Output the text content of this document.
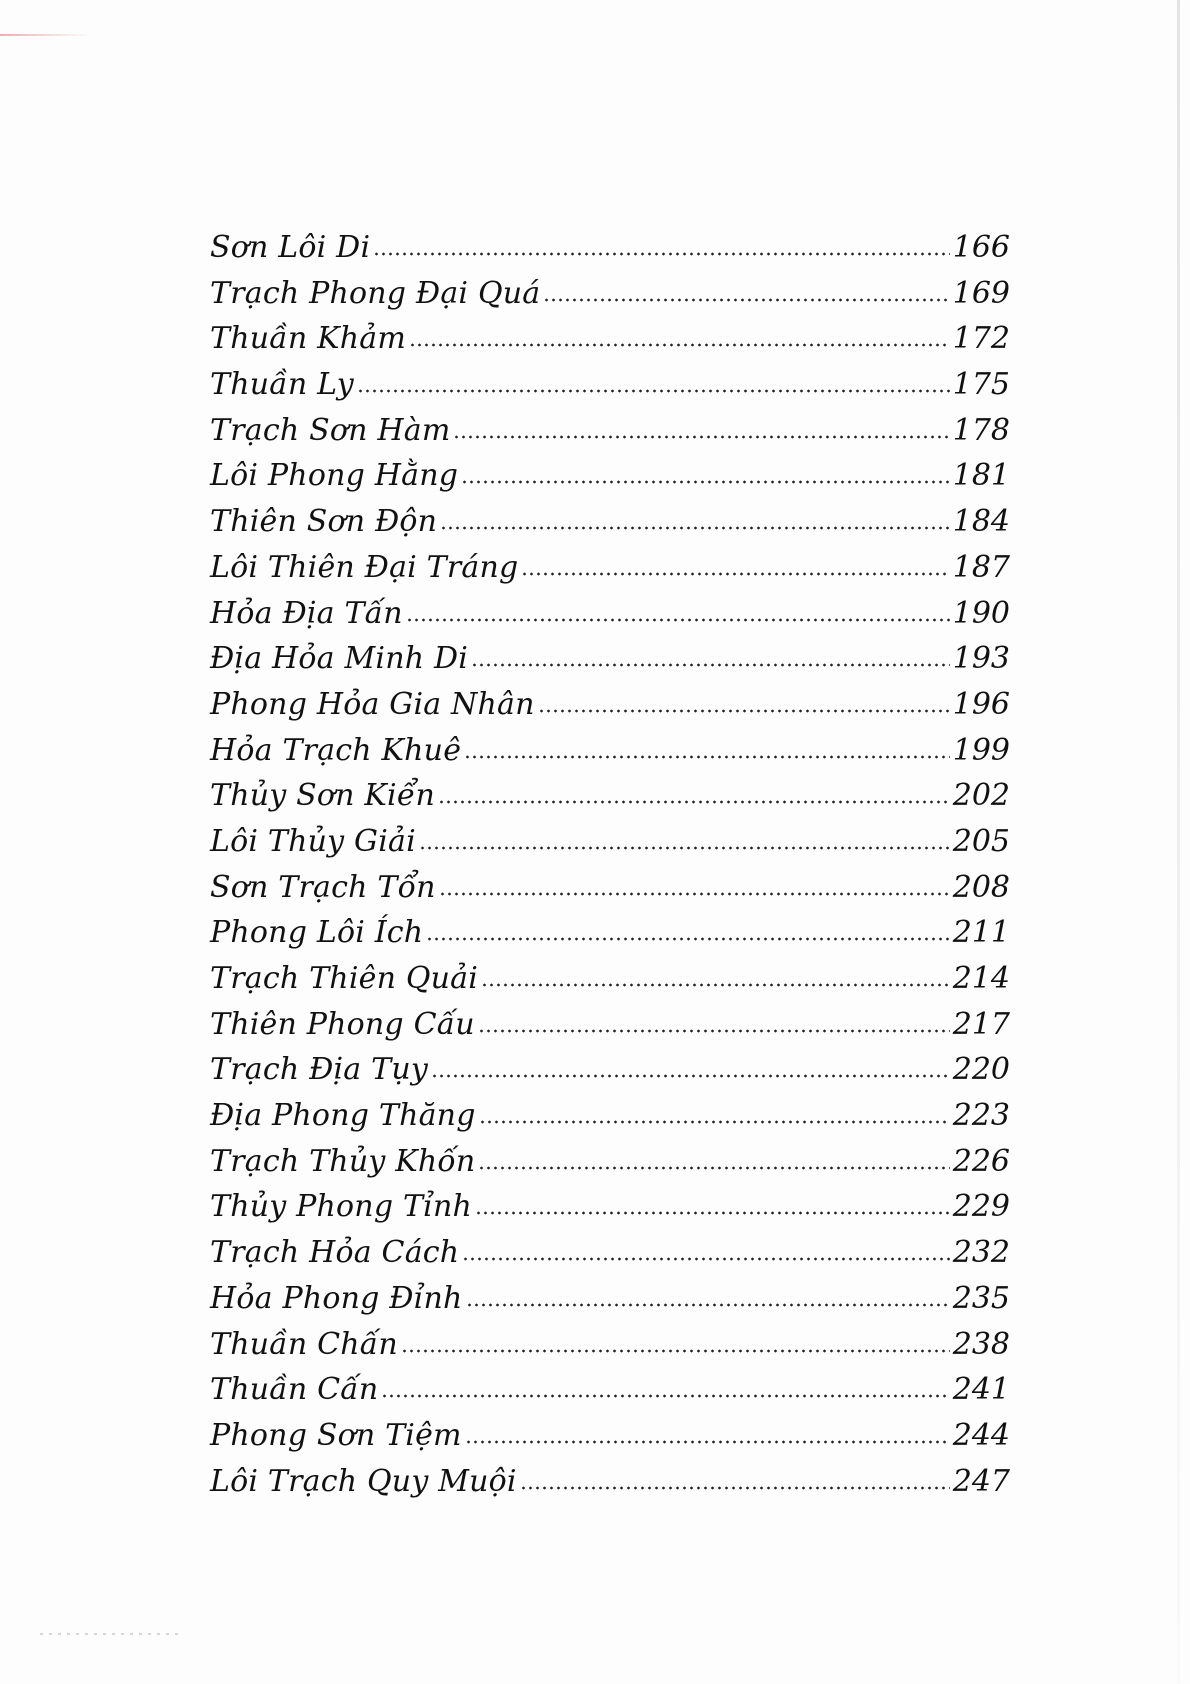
Sơn Lôi Di	166
Trạch Phong Đại Quá	169
Thuần Khảm	172
Thuần Ly	175
Trạch Sơn Hàm	178
Lôi Phong Hằng	181
Thiên Sơn Độn	184
Lôi Thiên Đại Tráng	187
Hỏa Địa Tấn	190
Địa Hỏa Minh Di	193
Phong Hỏa Gia Nhân	196
Hỏa Trạch Khuê	199
Thủy Sơn Kiển	202
Lôi Thủy Giải	205
Sơn Trạch Tổn	208
Phong Lôi Ích	211
Trạch Thiên Quải	214
Thiên Phong Cấu	217
Trạch Địa Tụy	220
Địa Phong Thăng	223
Trạch Thủy Khốn	226
Thủy Phong Tỉnh	229
Trạch Hỏa Cách	232
Hỏa Phong Đỉnh	235
Thuần Chấn	238
Thuần Cấn	241
Phong Sơn Tiệm	244
Lôi Trạch Quy Muội	247
